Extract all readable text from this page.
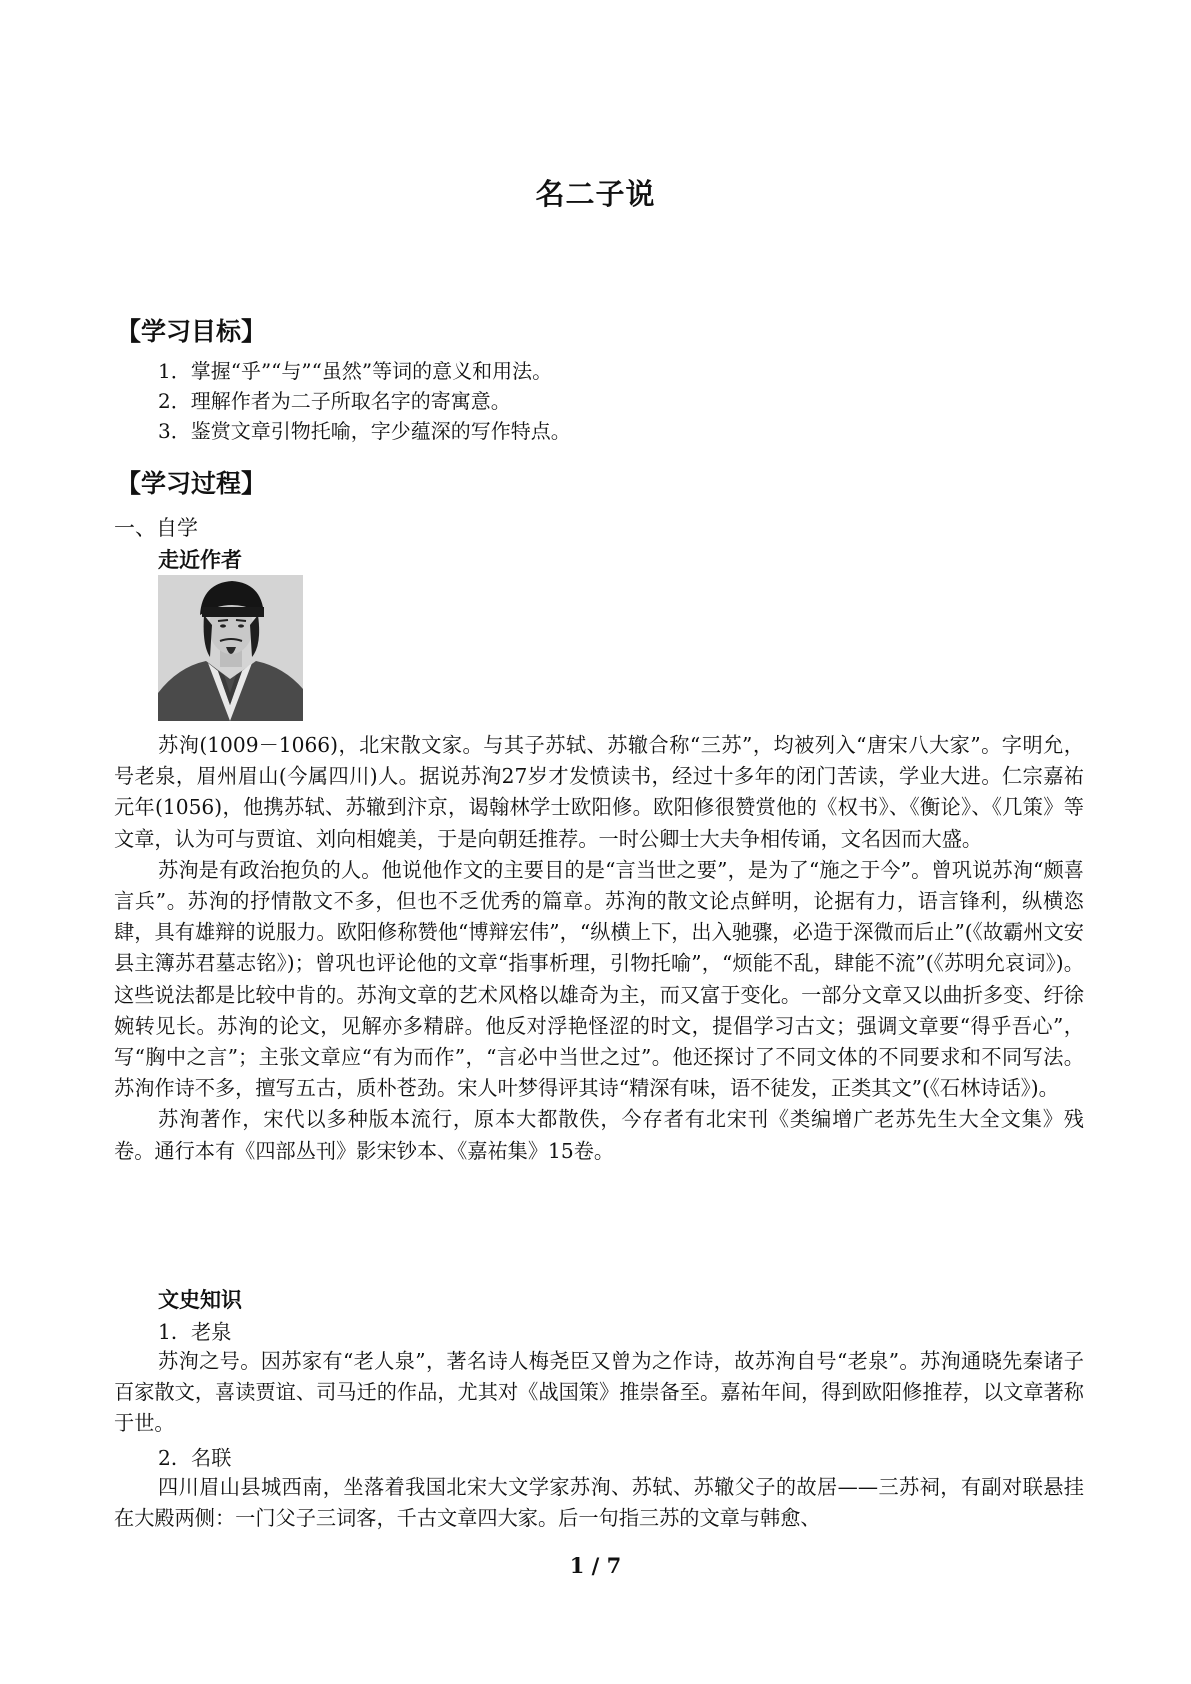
名二子说
【学习目标】
1．掌握“乎”“与”“虽然”等词的意义和用法。
2．理解作者为二子所取名字的寄寓意。
3．鉴赏文章引物托喻，字少蕴深的写作特点。
【学习过程】
一、自学
走近作者

苏洵(1009－1066)，北宋散文家。与其子苏轼、苏辙合称“三苏”，均被列入“唐宋八大家”。字明允，号老泉，眉州眉山(今属四川)人。据说苏洵27岁才发愤读书，经过十多年的闭门苦读，学业大进。仁宗嘉祐元年(1056)，他携苏轼、苏辙到汴京，谒翰林学士欧阳修。欧阳修很赞赏他的《权书》、《衡论》、《几策》等文章，认为可与贾谊、刘向相媲美，于是向朝廷推荐。一时公卿士大夫争相传诵，文名因而大盛。

苏洵是有政治抱负的人。他说他作文的主要目的是“言当世之要”，是为了“施之于今”。曾巩说苏洵“颇喜言兵”。苏洵的抒情散文不多，但也不乏优秀的篇章。苏洵的散文论点鲜明，论据有力，语言锋利，纵横恣肆，具有雄辩的说服力。欧阳修称赞他“博辩宏伟”，“纵横上下，出入驰骤，必造于深微而后止”(《故霸州文安县主簿苏君墓志铭》)；曾巩也评论他的文章“指事析理，引物托喻”，“烦能不乱，肆能不流”(《苏明允哀词》)。这些说法都是比较中肯的。苏洵文章的艺术风格以雄奇为主，而又富于变化。一部分文章又以曲折多变、纡徐婉转见长。苏洵的论文，见解亦多精辟。他反对浮艳怪涩的时文，提倡学习古文；强调文章要“得乎吾心”，写“胸中之言”；主张文章应“有为而作”，“言必中当世之过”。他还探讨了不同文体的不同要求和不同写法。苏洵作诗不多，擅写五古，质朴苍劲。宋人叶梦得评其诗“精深有味，语不徒发，正类其文”(《石林诗话》)。

苏洵著作，宋代以多种版本流行，原本大都散佚，今存者有北宋刊《类编增广老苏先生大全文集》残卷。通行本有《四部丛刊》影宋钞本、《嘉祐集》15卷。

文史知识
1．老泉

苏洵之号。因苏家有“老人泉”，著名诗人梅尧臣又曾为之作诗，故苏洵自号“老泉”。苏洵通晓先秦诸子百家散文，喜读贾谊、司马迁的作品，尤其对《战国策》推崇备至。嘉祐年间，得到欧阳修推荐，以文章著称于世。

2．名联

四川眉山县城西南，坐落着我国北宋大文学家苏洵、苏轼、苏辙父子的故居——三苏祠，有副对联悬挂在大殿两侧：一门父子三词客，千古文章四大家。后一句指三苏的文章与韩愈、

1 / 7
